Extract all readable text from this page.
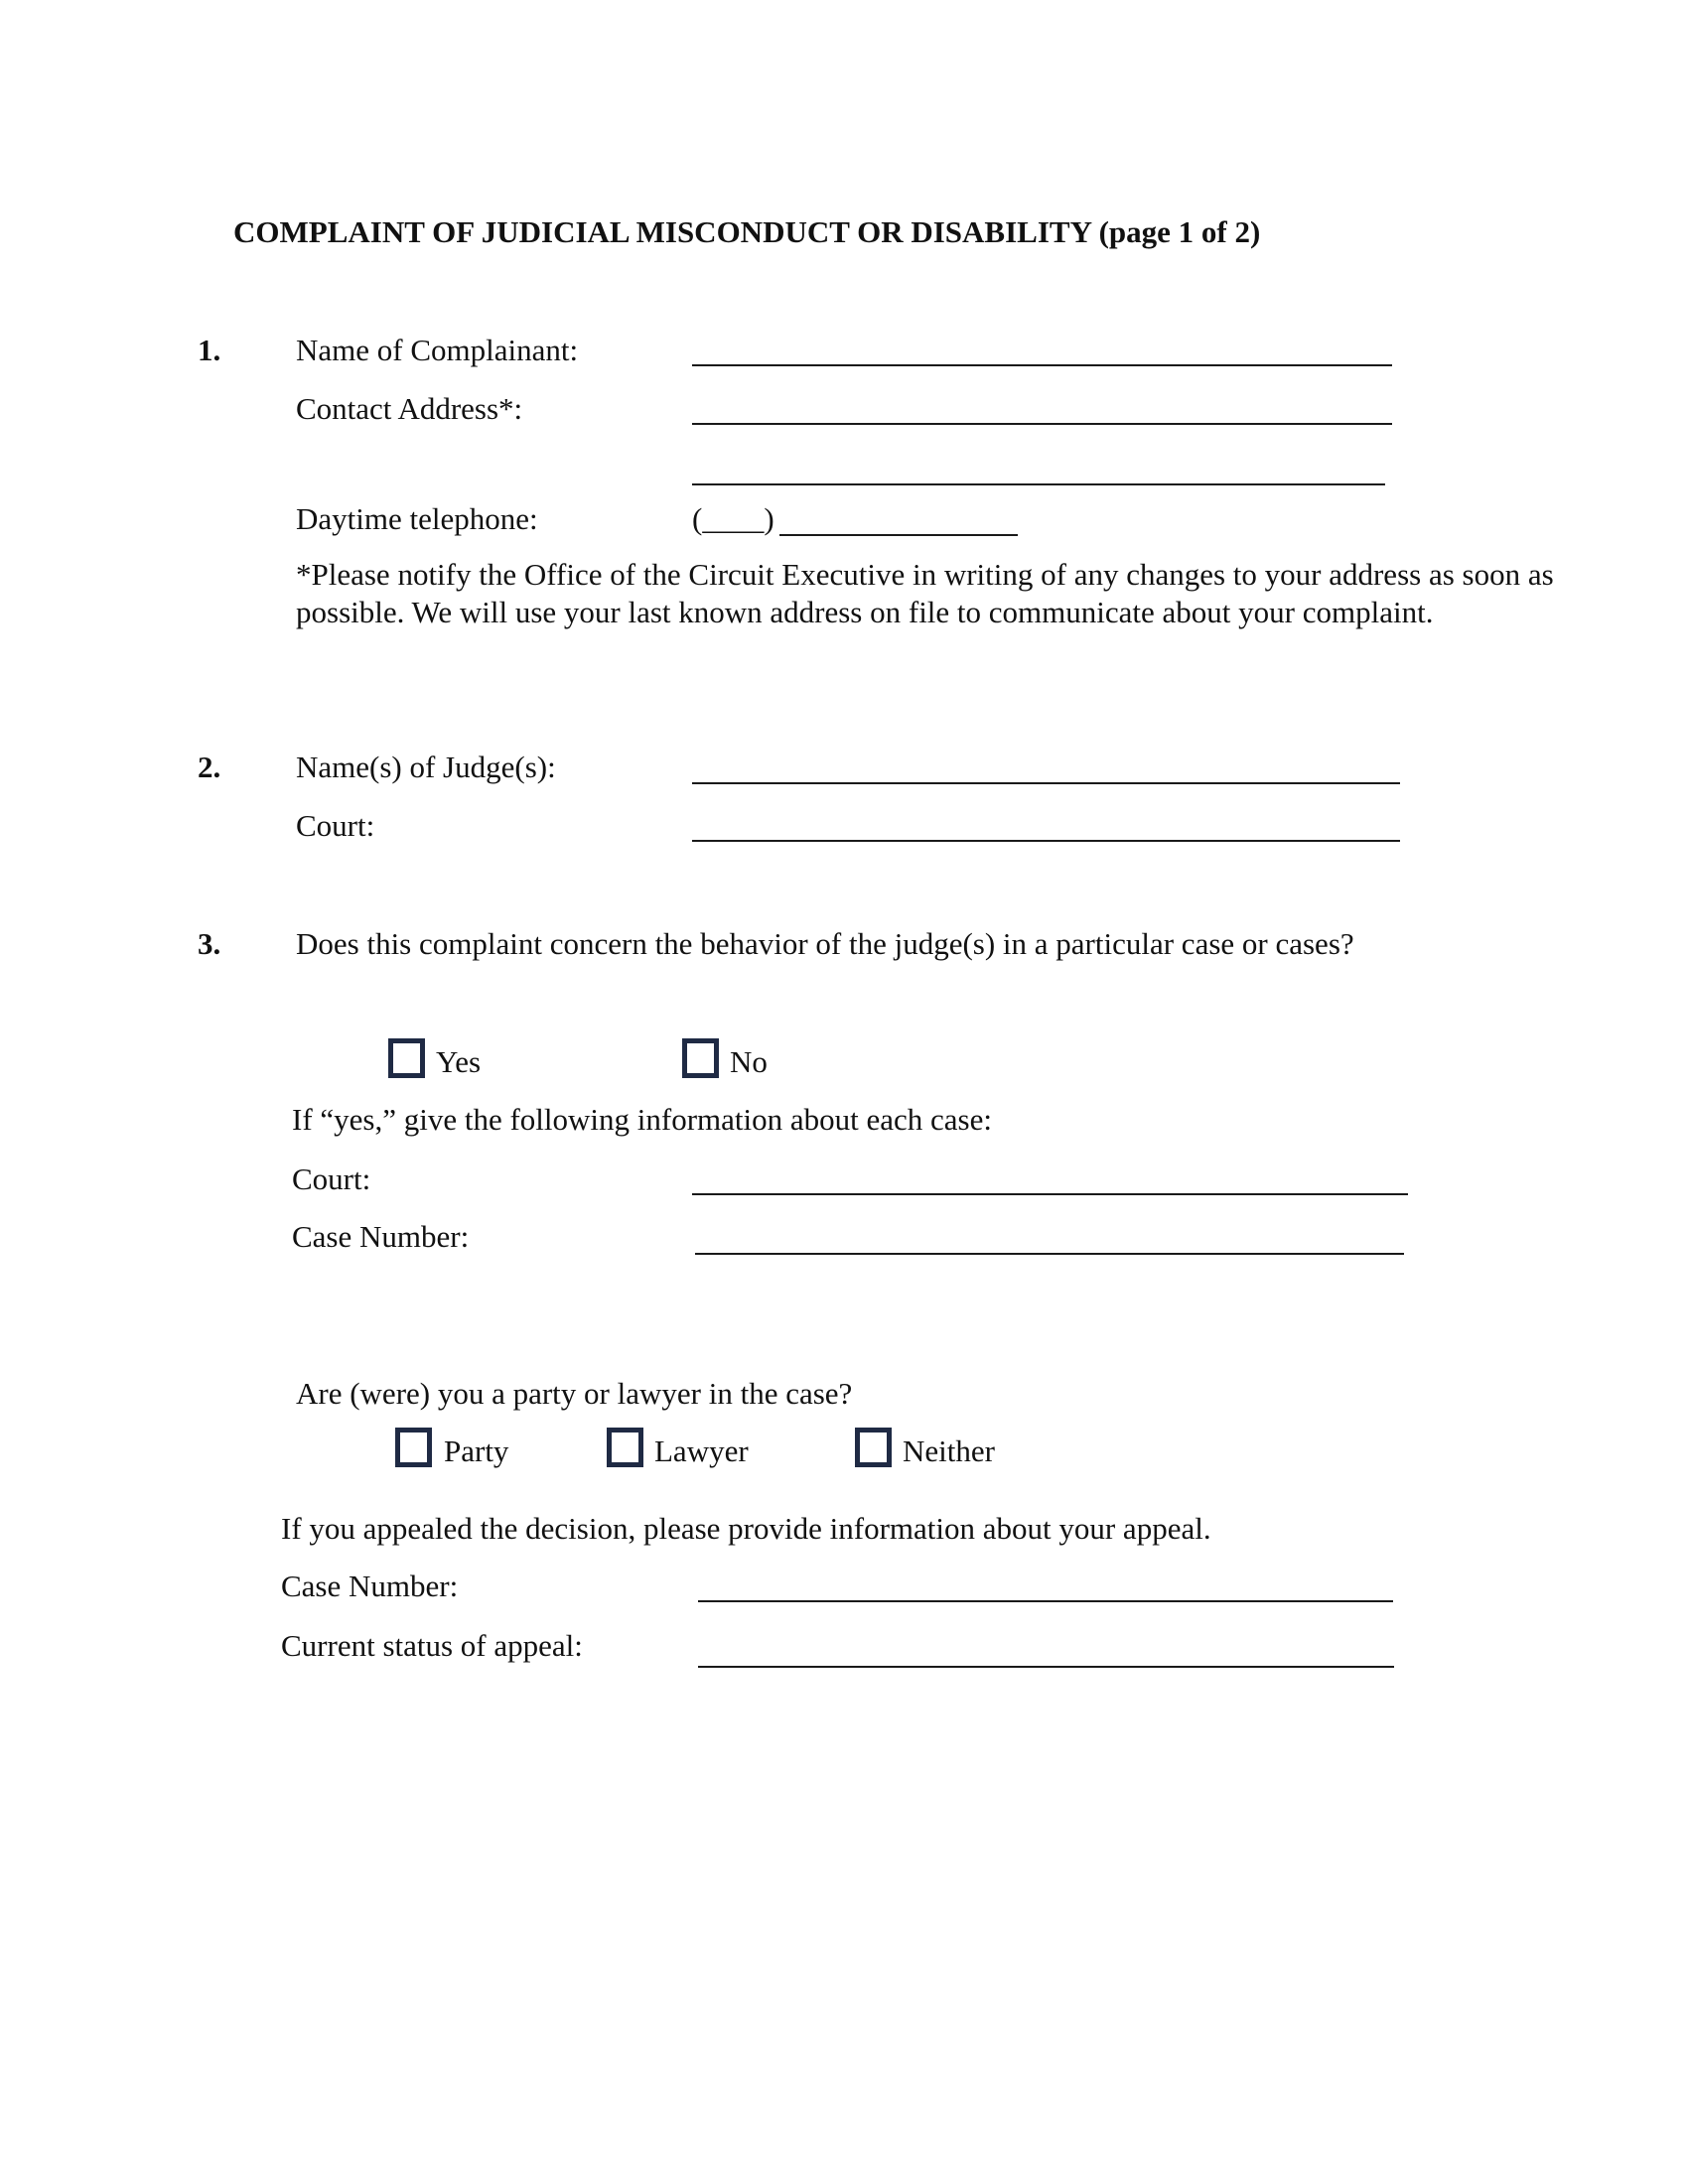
COMPLAINT OF JUDICIAL MISCONDUCT OR DISABILITY (page 1 of 2)
1. Name of Complainant:
Contact Address*:
Daytime telephone:	(____)
*Please notify the Office of the Circuit Executive in writing of any changes to your address as soon as possible. We will use your last known address on file to communicate about your complaint.
2. Name(s) of Judge(s):
Court:
3. Does this complaint concern the behavior of the judge(s) in a particular case or cases?
Yes	No
If “yes,” give the following information about each case:
Court:
Case Number:
Are (were) you a party or lawyer in the case?
Party	Lawyer	Neither
If you appealed the decision, please provide information about your appeal.
Case Number:
Current status of appeal:
